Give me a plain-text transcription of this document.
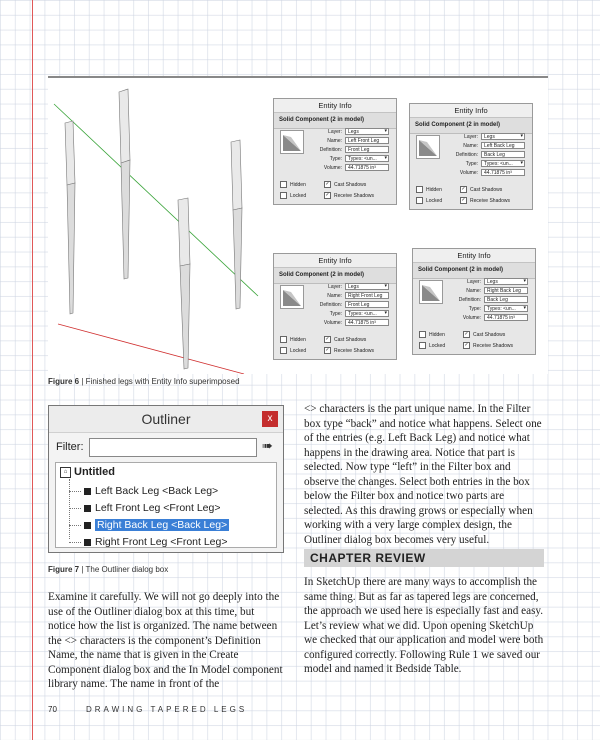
Entity Info
Solid Component (2 in model)
Layer:	Legs ▾
Name:	Left Front Leg
Definition:	Front Leg
Type:	Types: <un... ▾
Volume:	44.71875 in³
Hidden
Locked
✓ Cast Shadows
✓ Receive Shadows
Entity Info
Solid Component (2 in model)
Layer:	Legs ▾
Name:	Left Back Leg
Definition:	Back Leg
Type:	Types: <un... ▾
Volume:	44.71875 in³
Hidden
Locked
✓ Cast Shadows
✓ Receive Shadows
Entity Info
Solid Component (2 in model)
Layer:	Legs ▾
Name:	Right Front Leg
Definition:	Front Leg
Type:	Types: <un... ▾
Volume:	44.71875 in³
Hidden
Locked
✓ Cast Shadows
✓ Receive Shadows
Entity Info
Solid Component (2 in model)
Layer:	Legs ▾
Name:	Right Back Leg
Definition:	Back Leg
Type:	Types: <un... ▾
Volume:	44.71875 in³
Hidden
Locked
✓ Cast Shadows
✓ Receive Shadows
Figure 6 | Finished legs with Entity Info superimposed
Outliner	x
Filter:	➠
⌂ Untitled
Left Back Leg <Back Leg>
Left Front Leg <Front Leg>
Right Back Leg <Back Leg>
Right Front Leg <Front Leg>
Figure 7 | The Outliner dialog box

Examine it carefully. We will not go deeply into the use of the Outliner dialog box at this time, but notice how the list is organized. The name between the <> characters is the component’s Definition Name, the name that is given in the Create Component dialog box and the In Model component library name. The name in front of the

<> characters is the part unique name. In the Filter box type “back” and notice what happens. Select one of the entries (e.g. Left Back Leg) and notice what happens in the drawing area. Notice that part is selected. Now type “left” in the Filter box and observe the changes. Select both entries in the box below the Filter box and notice two parts are selected. As this drawing grows or especially when working with a very large complex design, the Outliner dialog box becomes very useful.

CHAPTER REVIEW

In SketchUp there are many ways to accomplish the same thing. But as far as tapered legs are concerned, the approach we used here is especially fast and easy. Let’s review what we did. Upon opening SketchUp we checked that our application and model were both configured correctly. Following Rule 1 we saved our model and named it Bedside Table.

70	DRAWING TAPERED LEGS
